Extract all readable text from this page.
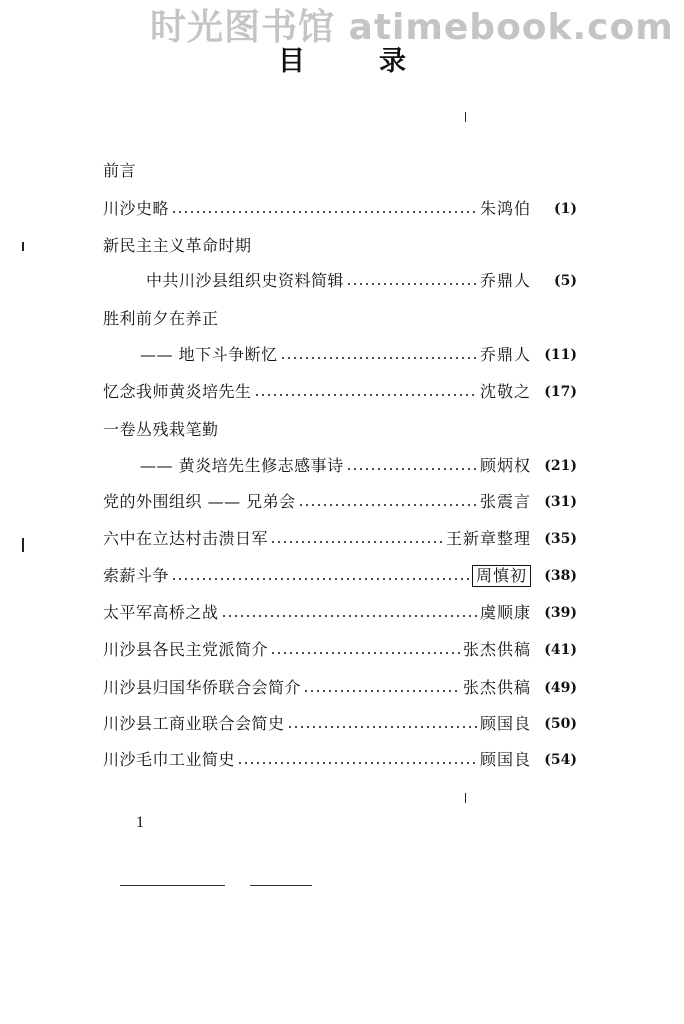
时光图书馆 atimebook.com
目	录
前言
川沙史略	朱鸿伯	(1)
新民主主义革命时期
中共川沙县组织史资料简辑	乔鼎人	(5)
胜利前夕在养正
—— 地下斗争断忆	乔鼎人 (11)
忆念我师黄炎培先生	沈敬之 (17)
一卷丛残栽笔勤
—— 黄炎培先生修志感事诗	顾炳权 (21)
党的外围组织 —— 兄弟会	张震言 (31)
六中在立达村击溃日军	王新章整理 (35)
索薪斗争	周慎初	(38)
太平军高桥之战	虞顺康 (39)
川沙县各民主党派简介	张杰供稿 (41)
川沙县归国华侨联合会简介	张杰供稿 (49)
川沙县工商业联合会简史	顾国良 (50)
川沙毛巾工业简史	顾国良 (54)
1
